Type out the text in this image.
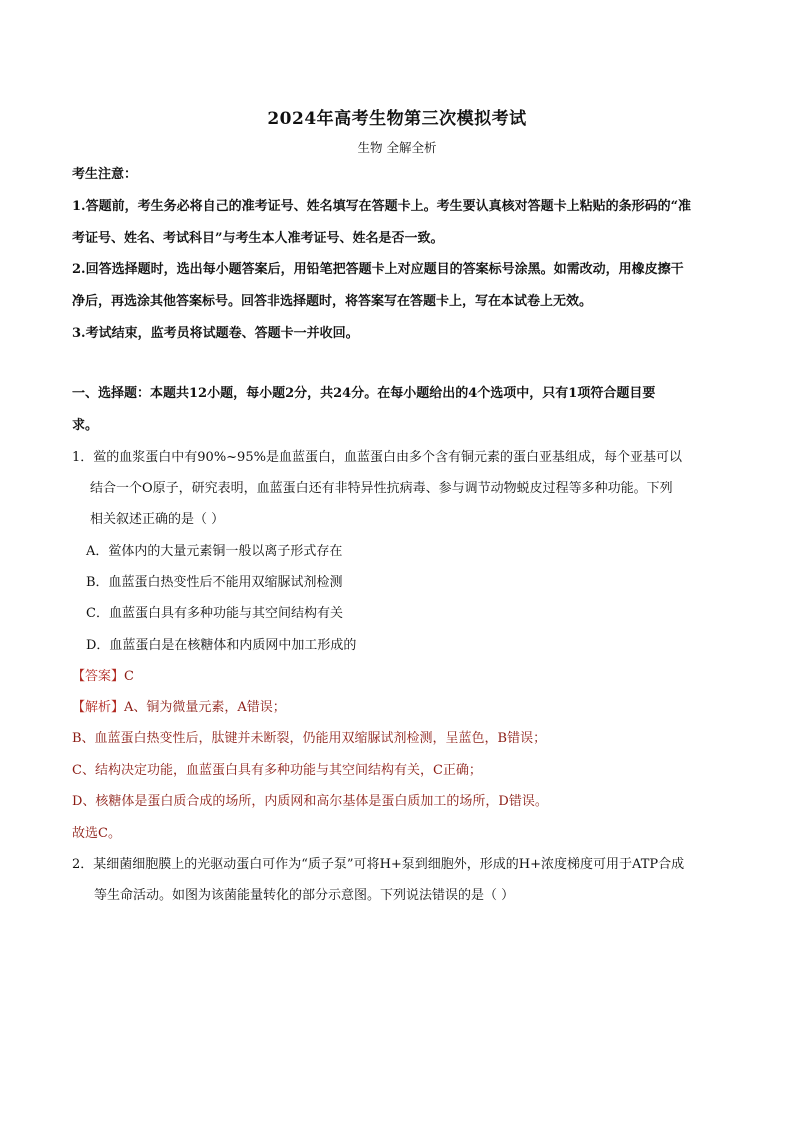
2024年高考生物第三次模拟考试
生物 全解全析
考生注意：
1.答题前，考生务必将自己的准考证号、姓名填写在答题卡上。考生要认真核对答题卡上粘贴的条形码的“准
考证号、姓名、考试科目”与考生本人准考证号、姓名是否一致。
2.回答选择题时，选出每小题答案后，用铅笔把答题卡上对应题目的答案标号涂黑。如需改动，用橡皮擦干
净后，再选涂其他答案标号。回答非选择题时，将答案写在答题卡上，写在本试卷上无效。
3.考试结束，监考员将试题卷、答题卡一并收回。
一、选择题：本题共12小题，每小题2分，共24分。在每小题给出的4个选项中，只有1项符合题目要
求。
1．鲎的血浆蛋白中有90%~95%是血蓝蛋白，血蓝蛋白由多个含有铜元素的蛋白亚基组成，每个亚基可以
结合一个O原子，研究表明，血蓝蛋白还有非特异性抗病毒、参与调节动物蜕皮过程等多种功能。下列
相关叙述正确的是（ ）
A．鲎体内的大量元素铜一般以离子形式存在
B．血蓝蛋白热变性后不能用双缩脲试剂检测
C．血蓝蛋白具有多种功能与其空间结构有关
D．血蓝蛋白是在核糖体和内质网中加工形成的
【答案】C
【解析】A、铜为微量元素，A错误；
B、血蓝蛋白热变性后，肽键并未断裂，仍能用双缩脲试剂检测，呈蓝色，B错误；
C、结构决定功能，血蓝蛋白具有多种功能与其空间结构有关，C正确；
D、核糖体是蛋白质合成的场所，内质网和高尔基体是蛋白质加工的场所，D错误。
故选C。
2．某细菌细胞膜上的光驱动蛋白可作为“质子泵”可将H+泵到细胞外，形成的H+浓度梯度可用于ATP合成
等生命活动。如图为该菌能量转化的部分示意图。下列说法错误的是（ ）
